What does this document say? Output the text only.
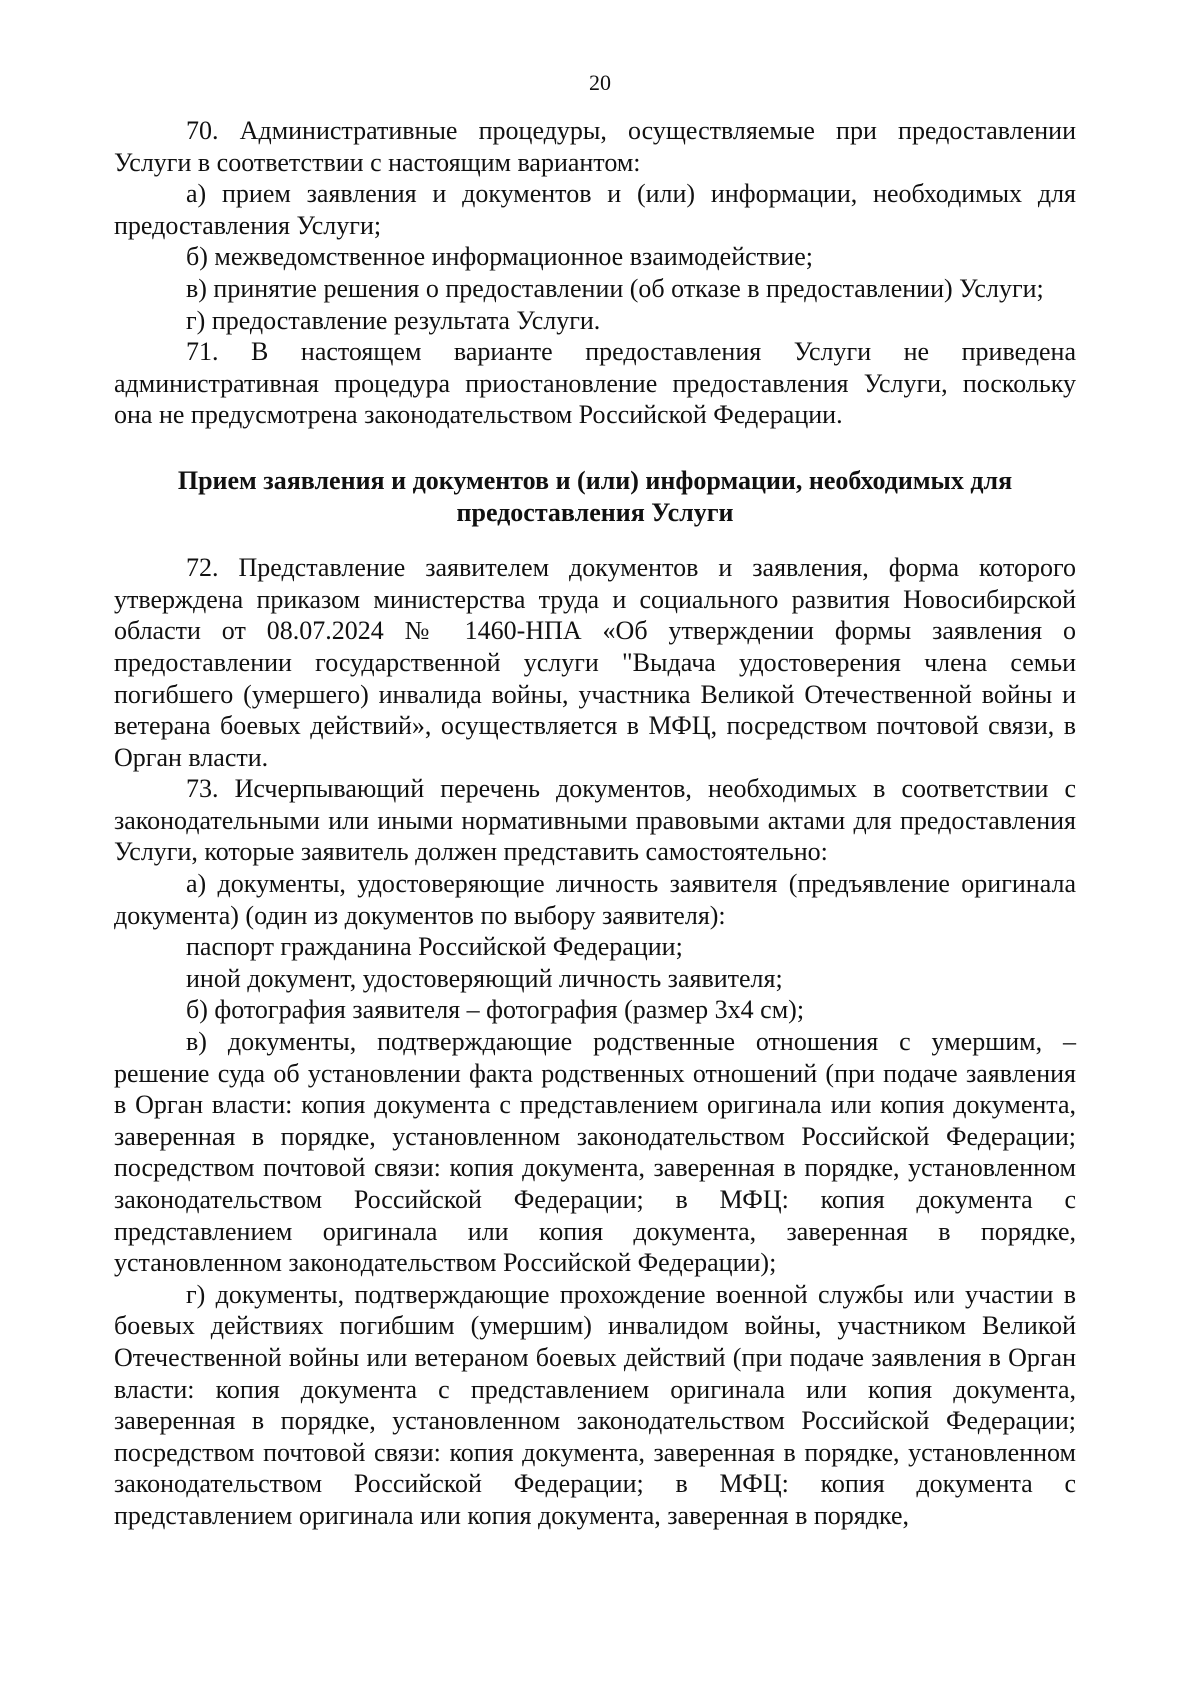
20

70. Административные процедуры, осуществляемые при предоставлении Услуги в соответствии с настоящим вариантом:

а) прием заявления и документов и (или) информации, необходимых для предоставления Услуги;

б) межведомственное информационное взаимодействие;

в) принятие решения о предоставлении (об отказе в предоставлении) Услуги;

г) предоставление результата Услуги.

71. В настоящем варианте предоставления Услуги не приведена административная процедура приостановление предоставления Услуги, поскольку она не предусмотрена законодательством Российской Федерации.

Прием заявления и документов и (или) информации, необходимых для предоставления Услуги

72. Представление заявителем документов и заявления, форма которого утверждена приказом министерства труда и социального развития Новосибирской области от 08.07.2024 № 1460-НПА «Об утверждении формы заявления о предоставлении государственной услуги "Выдача удостоверения члена семьи погибшего (умершего) инвалида войны, участника Великой Отечественной войны и ветерана боевых действий», осуществляется в МФЦ, посредством почтовой связи, в Орган власти.

73. Исчерпывающий перечень документов, необходимых в соответствии с законодательными или иными нормативными правовыми актами для предоставления Услуги, которые заявитель должен представить самостоятельно:

а) документы, удостоверяющие личность заявителя (предъявление оригинала документа) (один из документов по выбору заявителя):

паспорт гражданина Российской Федерации;

иной документ, удостоверяющий личность заявителя;

б) фотография заявителя – фотография (размер 3х4 см);

в) документы, подтверждающие родственные отношения с умершим, – решение суда об установлении факта родственных отношений (при подаче заявления в Орган власти: копия документа с представлением оригинала или копия документа, заверенная в порядке, установленном законодательством Российской Федерации; посредством почтовой связи: копия документа, заверенная в порядке, установленном законодательством Российской Федерации; в МФЦ: копия документа с представлением оригинала или копия документа, заверенная в порядке, установленном законодательством Российской Федерации);

г) документы, подтверждающие прохождение военной службы или участии в боевых действиях погибшим (умершим) инвалидом войны, участником Великой Отечественной войны или ветераном боевых действий (при подаче заявления в Орган власти: копия документа с представлением оригинала или копия документа, заверенная в порядке, установленном законодательством Российской Федерации; посредством почтовой связи: копия документа, заверенная в порядке, установленном законодательством Российской Федерации; в МФЦ: копия документа с представлением оригинала или копия документа, заверенная в порядке,
